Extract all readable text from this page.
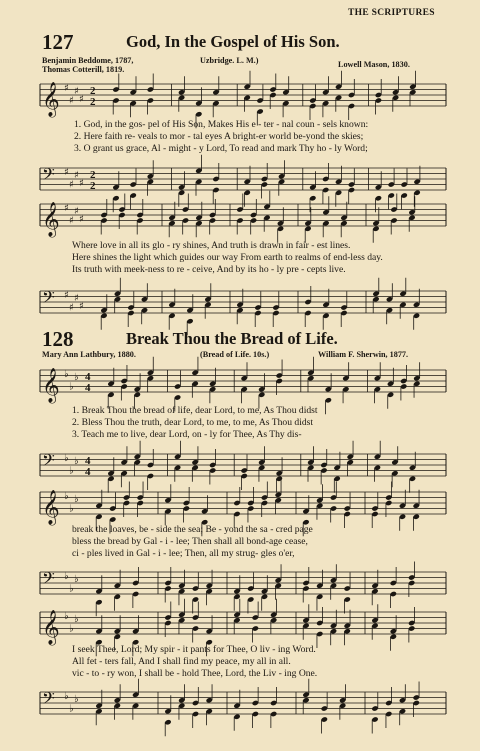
THE SCRIPTURES
127	God, In the Gospel of His Son.
Benjamin Beddome, 1787,
Thomas Cotterill, 1819.
Uzbridge. L. M.)	Lowell Mason, 1830.
𝄞 ♯
♯
♯
♯
2
2
1. God, in the gos- pel of His Son, Makes His e - ter - nal coun - sels known:
2. Here faith re- veals to mor - tal eyes A bright-er world be-yond the skies;
3. O grant us grace, Al - might - y Lord, To read and mark Thy ho - ly Word;
𝄢 ♯
♯
♯
♯
2
2
𝄞 ♯
♯
♯
♯
Where love in all its glo - ry shines, And truth is drawn in fair - est lines.
Here shines the light which guides our way From earth to realms of end-less day.
Its truth with meek-ness to re - ceive, And by its ho - ly pre - cepts live.
𝄢 ♯
♯
♯
♯
128	Break Thou the Bread of Life.
Mary Ann Lathbury, 1880.	(Bread of Life. 10s.)	William F. Sherwin, 1877.
𝄞 ♭
♭
♭ 4
4
1. Break Thou the bread of life, dear Lord, to me, As Thou didst
2. Bless Thou the truth, dear Lord, to me, to me, As Thou didst
3. Teach me to live, dear Lord, on - ly for Thee, As Thy dis-
𝄢 ♭
♭
♭ 4
4
𝄞 ♭
♭
♭
break the loaves, be - side the sea; Be - yond the sa - cred page
bless the bread by Gal - i - lee; Then shall all bond-age cease,
ci - ples lived in Gal - i - lee; Then, all my strug- gles o'er,
𝄢 ♭
♭
♭
𝄞 ♭
♭
♭
I seek Thee, Lord; My spir - it pants for Thee, O liv - ing Word.
All fet - ters fall, And I shall find my peace, my all in all.
vic - to - ry won, I shall be - hold Thee, Lord, the Liv - ing One.
𝄢 ♭
♭
♭
